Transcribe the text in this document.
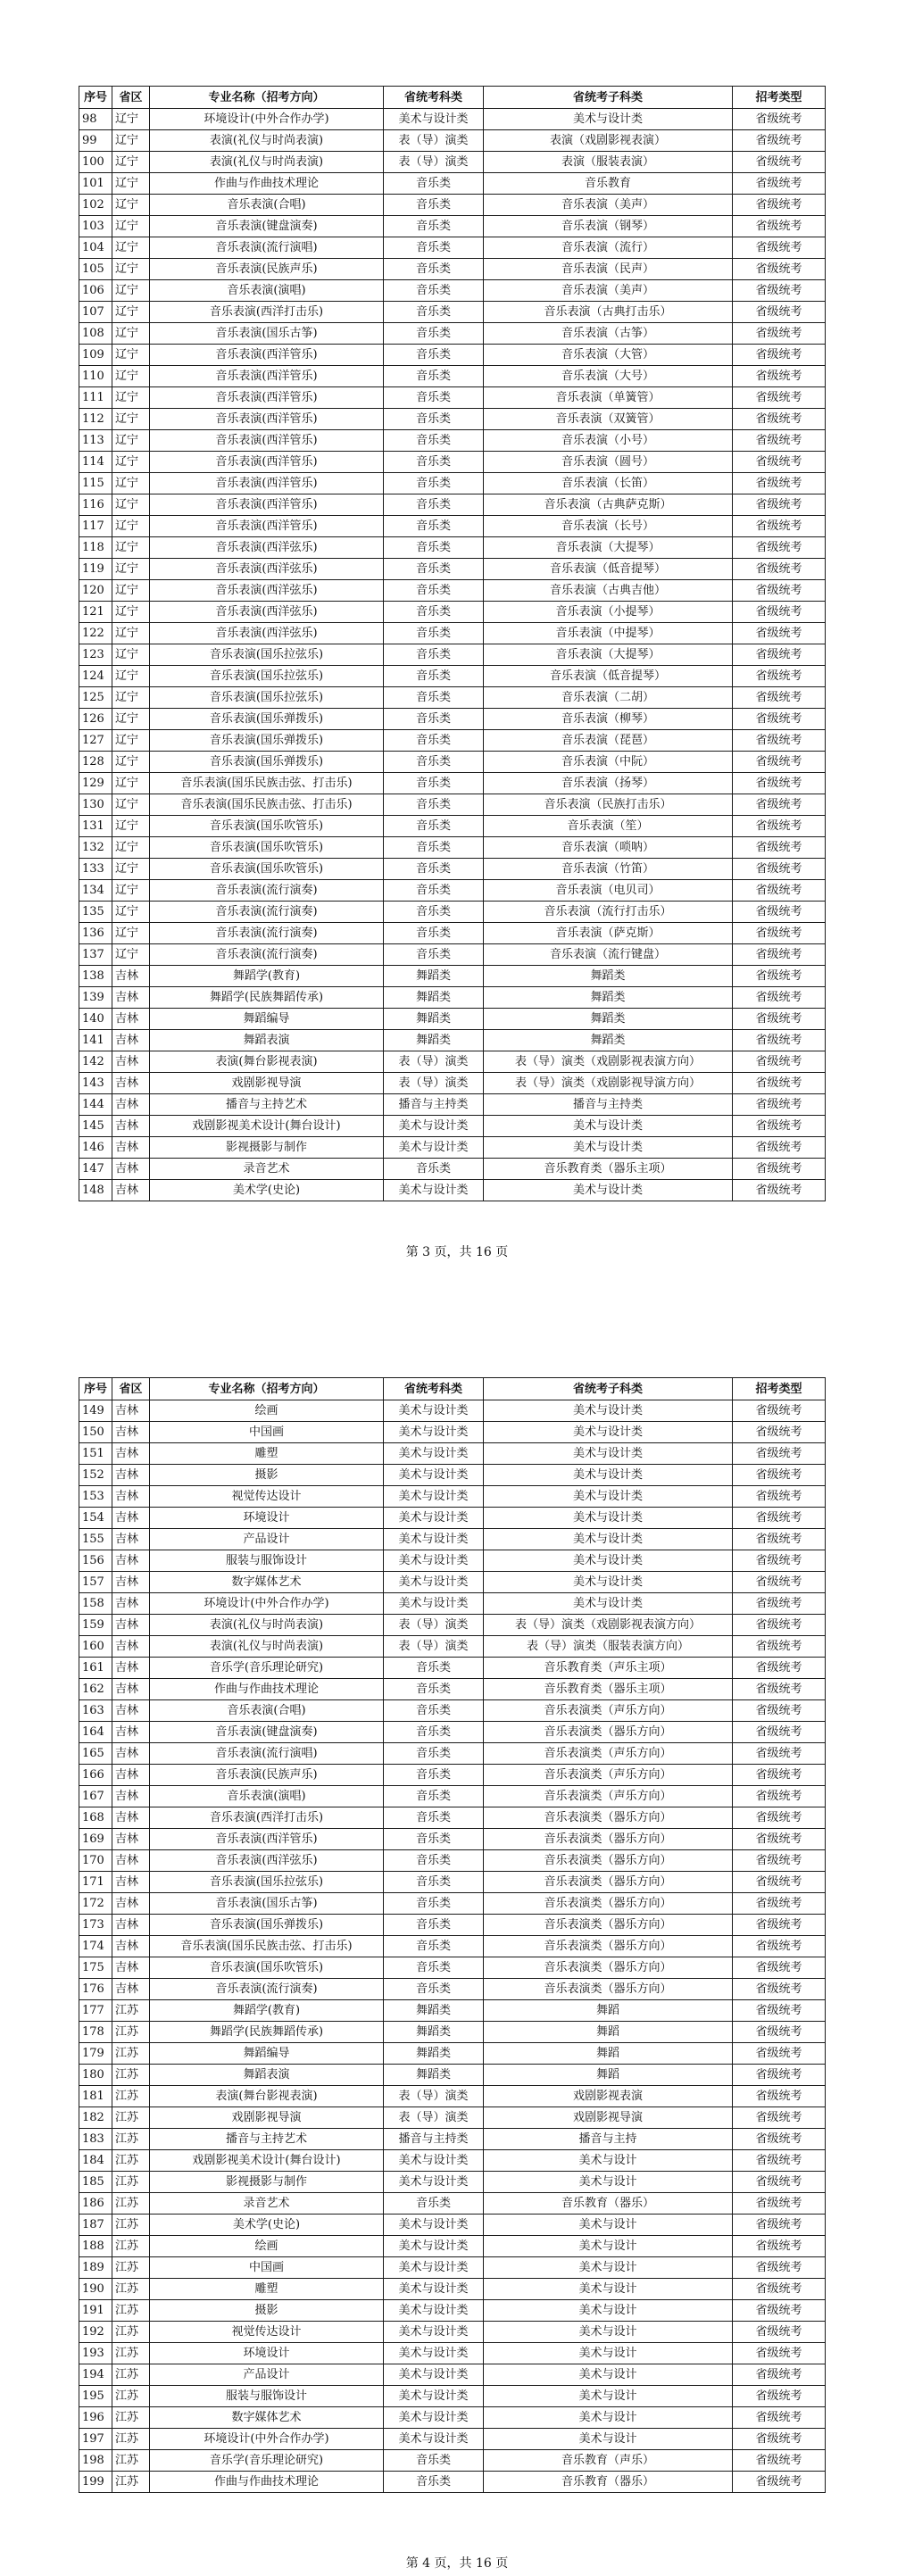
序号	省区	专业名称（招考方向）	省统考科类	省统考子科类	招考类型
98	辽宁	环境设计(中外合作办学)	美术与设计类	美术与设计类	省级统考
99	辽宁	表演(礼仪与时尚表演)	表（导）演类	表演（戏剧影视表演）	省级统考
100	辽宁	表演(礼仪与时尚表演)	表（导）演类	表演（服装表演）	省级统考
101	辽宁	作曲与作曲技术理论	音乐类	音乐教育	省级统考
102	辽宁	音乐表演(合唱)	音乐类	音乐表演（美声）	省级统考
103	辽宁	音乐表演(键盘演奏)	音乐类	音乐表演（钢琴）	省级统考
104	辽宁	音乐表演(流行演唱)	音乐类	音乐表演（流行）	省级统考
105	辽宁	音乐表演(民族声乐)	音乐类	音乐表演（民声）	省级统考
106	辽宁	音乐表演(演唱)	音乐类	音乐表演（美声）	省级统考
107	辽宁	音乐表演(西洋打击乐)	音乐类	音乐表演（古典打击乐）	省级统考
108	辽宁	音乐表演(国乐古筝)	音乐类	音乐表演（古筝）	省级统考
109	辽宁	音乐表演(西洋管乐)	音乐类	音乐表演（大管）	省级统考
110	辽宁	音乐表演(西洋管乐)	音乐类	音乐表演（大号）	省级统考
111	辽宁	音乐表演(西洋管乐)	音乐类	音乐表演（单簧管）	省级统考
112	辽宁	音乐表演(西洋管乐)	音乐类	音乐表演（双簧管）	省级统考
113	辽宁	音乐表演(西洋管乐)	音乐类	音乐表演（小号）	省级统考
114	辽宁	音乐表演(西洋管乐)	音乐类	音乐表演（圆号）	省级统考
115	辽宁	音乐表演(西洋管乐)	音乐类	音乐表演（长笛）	省级统考
116	辽宁	音乐表演(西洋管乐)	音乐类	音乐表演（古典萨克斯）	省级统考
117	辽宁	音乐表演(西洋管乐)	音乐类	音乐表演（长号）	省级统考
118	辽宁	音乐表演(西洋弦乐)	音乐类	音乐表演（大提琴）	省级统考
119	辽宁	音乐表演(西洋弦乐)	音乐类	音乐表演（低音提琴）	省级统考
120	辽宁	音乐表演(西洋弦乐)	音乐类	音乐表演（古典吉他）	省级统考
121	辽宁	音乐表演(西洋弦乐)	音乐类	音乐表演（小提琴）	省级统考
122	辽宁	音乐表演(西洋弦乐)	音乐类	音乐表演（中提琴）	省级统考
123	辽宁	音乐表演(国乐拉弦乐)	音乐类	音乐表演（大提琴）	省级统考
124	辽宁	音乐表演(国乐拉弦乐)	音乐类	音乐表演（低音提琴）	省级统考
125	辽宁	音乐表演(国乐拉弦乐)	音乐类	音乐表演（二胡）	省级统考
126	辽宁	音乐表演(国乐弹拨乐)	音乐类	音乐表演（柳琴）	省级统考
127	辽宁	音乐表演(国乐弹拨乐)	音乐类	音乐表演（琵琶）	省级统考
128	辽宁	音乐表演(国乐弹拨乐)	音乐类	音乐表演（中阮）	省级统考
129	辽宁	音乐表演(国乐民族击弦、打击乐)	音乐类	音乐表演（扬琴）	省级统考
130	辽宁	音乐表演(国乐民族击弦、打击乐)	音乐类	音乐表演（民族打击乐）	省级统考
131	辽宁	音乐表演(国乐吹管乐)	音乐类	音乐表演（笙）	省级统考
132	辽宁	音乐表演(国乐吹管乐)	音乐类	音乐表演（唢呐）	省级统考
133	辽宁	音乐表演(国乐吹管乐)	音乐类	音乐表演（竹笛）	省级统考
134	辽宁	音乐表演(流行演奏)	音乐类	音乐表演（电贝司）	省级统考
135	辽宁	音乐表演(流行演奏)	音乐类	音乐表演（流行打击乐）	省级统考
136	辽宁	音乐表演(流行演奏)	音乐类	音乐表演（萨克斯）	省级统考
137	辽宁	音乐表演(流行演奏)	音乐类	音乐表演（流行键盘）	省级统考
138	吉林	舞蹈学(教育)	舞蹈类	舞蹈类	省级统考
139	吉林	舞蹈学(民族舞蹈传承)	舞蹈类	舞蹈类	省级统考
140	吉林	舞蹈编导	舞蹈类	舞蹈类	省级统考
141	吉林	舞蹈表演	舞蹈类	舞蹈类	省级统考
142	吉林	表演(舞台影视表演)	表（导）演类	表（导）演类（戏剧影视表演方向）	省级统考
143	吉林	戏剧影视导演	表（导）演类	表（导）演类（戏剧影视导演方向）	省级统考
144	吉林	播音与主持艺术	播音与主持类	播音与主持类	省级统考
145	吉林	戏剧影视美术设计(舞台设计)	美术与设计类	美术与设计类	省级统考
146	吉林	影视摄影与制作	美术与设计类	美术与设计类	省级统考
147	吉林	录音艺术	音乐类	音乐教育类（器乐主项）	省级统考
148	吉林	美术学(史论)	美术与设计类	美术与设计类	省级统考
第 3 页，共 16 页
序号	省区	专业名称（招考方向）	省统考科类	省统考子科类	招考类型
149	吉林	绘画	美术与设计类	美术与设计类	省级统考
150	吉林	中国画	美术与设计类	美术与设计类	省级统考
151	吉林	雕塑	美术与设计类	美术与设计类	省级统考
152	吉林	摄影	美术与设计类	美术与设计类	省级统考
153	吉林	视觉传达设计	美术与设计类	美术与设计类	省级统考
154	吉林	环境设计	美术与设计类	美术与设计类	省级统考
155	吉林	产品设计	美术与设计类	美术与设计类	省级统考
156	吉林	服装与服饰设计	美术与设计类	美术与设计类	省级统考
157	吉林	数字媒体艺术	美术与设计类	美术与设计类	省级统考
158	吉林	环境设计(中外合作办学)	美术与设计类	美术与设计类	省级统考
159	吉林	表演(礼仪与时尚表演)	表（导）演类	表（导）演类（戏剧影视表演方向）	省级统考
160	吉林	表演(礼仪与时尚表演)	表（导）演类	表（导）演类（服装表演方向）	省级统考
161	吉林	音乐学(音乐理论研究)	音乐类	音乐教育类（声乐主项）	省级统考
162	吉林	作曲与作曲技术理论	音乐类	音乐教育类（器乐主项）	省级统考
163	吉林	音乐表演(合唱)	音乐类	音乐表演类（声乐方向）	省级统考
164	吉林	音乐表演(键盘演奏)	音乐类	音乐表演类（器乐方向）	省级统考
165	吉林	音乐表演(流行演唱)	音乐类	音乐表演类（声乐方向）	省级统考
166	吉林	音乐表演(民族声乐)	音乐类	音乐表演类（声乐方向）	省级统考
167	吉林	音乐表演(演唱)	音乐类	音乐表演类（声乐方向）	省级统考
168	吉林	音乐表演(西洋打击乐)	音乐类	音乐表演类（器乐方向）	省级统考
169	吉林	音乐表演(西洋管乐)	音乐类	音乐表演类（器乐方向）	省级统考
170	吉林	音乐表演(西洋弦乐)	音乐类	音乐表演类（器乐方向）	省级统考
171	吉林	音乐表演(国乐拉弦乐)	音乐类	音乐表演类（器乐方向）	省级统考
172	吉林	音乐表演(国乐古筝)	音乐类	音乐表演类（器乐方向）	省级统考
173	吉林	音乐表演(国乐弹拨乐)	音乐类	音乐表演类（器乐方向）	省级统考
174	吉林	音乐表演(国乐民族击弦、打击乐)	音乐类	音乐表演类（器乐方向）	省级统考
175	吉林	音乐表演(国乐吹管乐)	音乐类	音乐表演类（器乐方向）	省级统考
176	吉林	音乐表演(流行演奏)	音乐类	音乐表演类（器乐方向）	省级统考
177	江苏	舞蹈学(教育)	舞蹈类	舞蹈	省级统考
178	江苏	舞蹈学(民族舞蹈传承)	舞蹈类	舞蹈	省级统考
179	江苏	舞蹈编导	舞蹈类	舞蹈	省级统考
180	江苏	舞蹈表演	舞蹈类	舞蹈	省级统考
181	江苏	表演(舞台影视表演)	表（导）演类	戏剧影视表演	省级统考
182	江苏	戏剧影视导演	表（导）演类	戏剧影视导演	省级统考
183	江苏	播音与主持艺术	播音与主持类	播音与主持	省级统考
184	江苏	戏剧影视美术设计(舞台设计)	美术与设计类	美术与设计	省级统考
185	江苏	影视摄影与制作	美术与设计类	美术与设计	省级统考
186	江苏	录音艺术	音乐类	音乐教育（器乐）	省级统考
187	江苏	美术学(史论)	美术与设计类	美术与设计	省级统考
188	江苏	绘画	美术与设计类	美术与设计	省级统考
189	江苏	中国画	美术与设计类	美术与设计	省级统考
190	江苏	雕塑	美术与设计类	美术与设计	省级统考
191	江苏	摄影	美术与设计类	美术与设计	省级统考
192	江苏	视觉传达设计	美术与设计类	美术与设计	省级统考
193	江苏	环境设计	美术与设计类	美术与设计	省级统考
194	江苏	产品设计	美术与设计类	美术与设计	省级统考
195	江苏	服装与服饰设计	美术与设计类	美术与设计	省级统考
196	江苏	数字媒体艺术	美术与设计类	美术与设计	省级统考
197	江苏	环境设计(中外合作办学)	美术与设计类	美术与设计	省级统考
198	江苏	音乐学(音乐理论研究)	音乐类	音乐教育（声乐）	省级统考
199	江苏	作曲与作曲技术理论	音乐类	音乐教育（器乐）	省级统考
第 4 页，共 16 页
